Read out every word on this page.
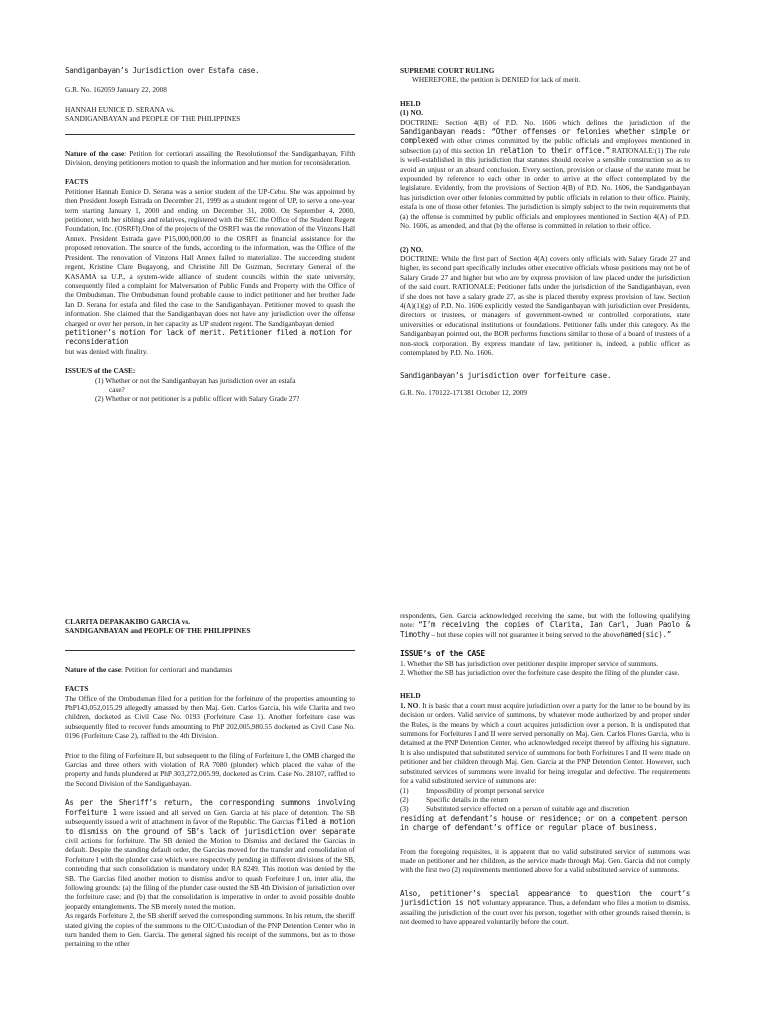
Sandiganbayan’s Jurisdiction over Estafa case.

G.R. No. 162059 January 22, 2008

HANNAH EUNICE D. SERANA vs.

SANDIGANBAYAN and PEOPLE OF THE PHILIPPINES

Nature of the case: Petition for certiorari assailing the Resolutionsof the Sandiganbayan, Fifth Division, denying petitioners motion to quash the information and her motion for reconsideration.

FACTS

Petitioner Hannah Eunice D. Serana was a senior student of the UP-Cebu. She was appointed by then President Joseph Estrada on December 21, 1999 as a student regent of UP, to serve a one-year term starting January 1, 2000 and ending on December 31, 2000. On September 4, 2000, petitioner, with her siblings and relatives, registered with the SEC the Office of the Student Regent Foundation, Inc. (OSRFI).One of the projects of the OSRFI was the renovation of the Vinzons Hall Annex. President Estrada gave P15,000,000.00 to the OSRFI as financial assistance for the proposed renovation. The source of the funds, according to the information, was the Office of the President. The renovation of Vinzons Hall Annex failed to materialize. The succeeding student regent, Kristine Clare Bugayong, and Christine Jill De Guzman, Secretary General of the KASAMA sa U.P., a system-wide alliance of student councils within the state university, consequently filed a complaint for Malversation of Public Funds and Property with the Office of the Ombudsman. The Ombudsman found probable cause to indict petitioner and her brother Jade Ian D. Serana for estafa and filed the case to the Sandiganbayan. Petitioner moved to quash the information. She claimed that the Sandiganbayan does not have any jurisdiction over the offense charged or over her person, in her capacity as UP student regent. The Sandiganbayan denied

petitioner’s motion for lack of merit. Petitioner filed a motion for reconsideration

but was denied with finality.

ISSUE/S of the CASE:

(1) Whether or not the Sandiganbayan has jurisdiction over an estafa

case?

(2) Whether or not petitioner is a public officer with Salary Grade 27?

SUPREME COURT RULING

WHEREFORE, the petition is DENIED for lack of merit.

HELD

(1) NO.

DOCTRINE: Section 4(B) of P.D. No. 1606 which defines the jurisdiction of the Sandiganbayan reads: “Other offenses or felonies whether simple or complexed with other crimes committed by the public officials and employees mentioned in subsection (a) of this section in relation to their office.” RATIONALE:(1) The rule is well-established in this jurisdiction that statutes should receive a sensible construction so as to avoid an unjust or an absurd conclusion. Every section, provision or clause of the statute must be expounded by reference to each other in order to arrive at the effect contemplated by the legislature. Evidently, from the provisions of Section 4(B) of P.D. No. 1606, the Sandiganbayan has jurisdiction over other felonies committed by public officials in relation to their office. Plainly, estafa is one of those other felonies. The jurisdiction is simply subject to the twin requirements that (a) the offense is committed by public officials and employees mentioned in Section 4(A) of P.D. No. 1606, as amended, and that (b) the offense is committed in relation to their office.

(2) NO.

DOCTRINE: While the first part of Section 4(A) covers only officials with Salary Grade 27 and higher, its second part specifically includes other executive officials whose positions may not be of Salary Grade 27 and higher but who are by express provision of law placed under the jurisdiction of the said court. RATIONALE: Petitioner falls under the jurisdiction of the Sandiganbayan, even if she does not have a salary grade 27, as she is placed thereby express provision of law. Section 4(A)(1)(g) of P.D. No. 1606 explicitly vested the Sandiganbayan with jurisdiction over Presidents, directors or trustees, or managers of government-owned or controlled corporations, state universities or educational institutions or foundations. Petitioner falls under this category. As the Sandiganbayan pointed out, the BOR performs functions similar to those of a board of trustees of a non-stock corporation. By express mandate of law, petitioner is, indeed, a public officer as contemplated by P.D. No. 1606.

Sandiganbayan’s jurisdiction over forfeiture case.

G.R. No. 170122-171381 October 12, 2009

CLARITA DEPAKAKIBO GARCIA vs.

SANDIGANBAYAN and PEOPLE OF THE PHILIPPINES

Nature of the case: Petition for certiorari and mandamus

FACTS

The Office of the Ombudsman filed for a petition for the forfeiture of the properties amounting to PhP143,052,015.29 allegedly amassed by then Maj. Gen. Carlos Garcia, his wife Clarita and two children, docketed as Civil Case No. 0193 (Forfeiture Case 1). Another forfeiture case was subsequently filed to recover funds amounting to PhP 202,005,980.55 docketed as Civil Case No. 0196 (Forfeiture Case 2), raffled to the 4th Division.

Prior to the filing of Forfeiture II, but subsequent to the filing of Forfeiture I, the OMB charged the Garcias and three others with violation of RA 7080 (plunder) which placed the value of the property and funds plundered at PhP 303,272,005.99, docketed as Crim. Case No. 28107, raffled to the Second Division of the Sandiganbayan.

As per the Sheriff’s return, the corresponding summons involving Forfeiture 1 were issued and all served on Gen. Garcia at his place of detention. The SB subsequently issued a writ of attachment in favor of the Republic. The Garcias filed a motion to dismiss on the ground of SB’s lack of jurisdiction over separate civil actions for forfeiture. The SB denied the Motion to Dismiss and declared the Garcias in default. Despite the standing default order, the Garcias moved for the transfer and consolidation of Forfeiture I with the plunder case which were respectively pending in different divisions of the SB, contending that such consolidation is mandatory under RA 8249. This motion was denied by the SB. The Garcias filed another motion to dismiss and/or to quash Forfeiture I on, inter alia, the following grounds: (a) the filing of the plunder case ousted the SB 4th Division of jurisdiction over the forfeiture case; and (b) that the consolidation is imperative in order to avoid possible double jeopardy entanglements. The SB merely noted the motion.

As regards Forfeiture 2, the SB sheriff served the corresponding summons. In his return, the sheriff stated giving the copies of the summons to the OIC/Custodian of the PNP Detention Center who in turn handed them to Gen. Garcia. The general signed his receipt of the summons, but as to those pertaining to the other

respondents, Gen. Garcia acknowledged receiving the same, but with the following qualifying note: “I’m receiving the copies of Clarita, Ian Carl, Juan Paolo & Timothy – but these copies will not guarantee it being served to the abovenamed(sic).”

ISSUE’s of the CASE

1. Whether the SB has jurisdiction over petitioner despite improper service of summons.

2. Whether the SB has jurisdiction over the forfeiture case despite the filing of the plunder case.

HELD

1. NO. It is basic that a court must acquire jurisdiction over a party for the latter to be bound by its decision or orders. Valid service of summons, by whatever mode authorized by and proper under the Rules, is the means by which a court acquires jurisdiction over a person. It is undisputed that summons for Forfeitures I and II were served personally on Maj. Gen. Carlos Flores Garcia, who is detained at the PNP Detention Center, who acknowledged receipt thereof by affixing his signature. It is also undisputed that substituted service of summons for both Forfeitures I and II were made on petitioner and her children through Maj. Gen. Garcia at the PNP Detention Center. However, such substituted services of summons were invalid for being irregular and defective. The requirements for a valid substituted service of summons are:

(1)	Impossibility of prompt personal service
(2)	Specific details in the return
(3)	Substituted service effected on a person of suitable age and discretion

residing at defendant’s house or residence; or on a competent person in charge of defendant’s office or regular place of business.

From the foregoing requisites, it is apparent that no valid substituted service of summons was made on petitioner and her children, as the service made through Maj. Gen. Garcia did not comply with the first two (2) requirements mentioned above for a valid substituted service of summons.

Also, petitioner’s special appearance to question the court’s jurisdiction is not voluntary appearance. Thus, a defendant who files a motion to dismiss, assailing the jurisdiction of the court over his person, together with other grounds raised therein, is not deemed to have appeared voluntarily before the court.
